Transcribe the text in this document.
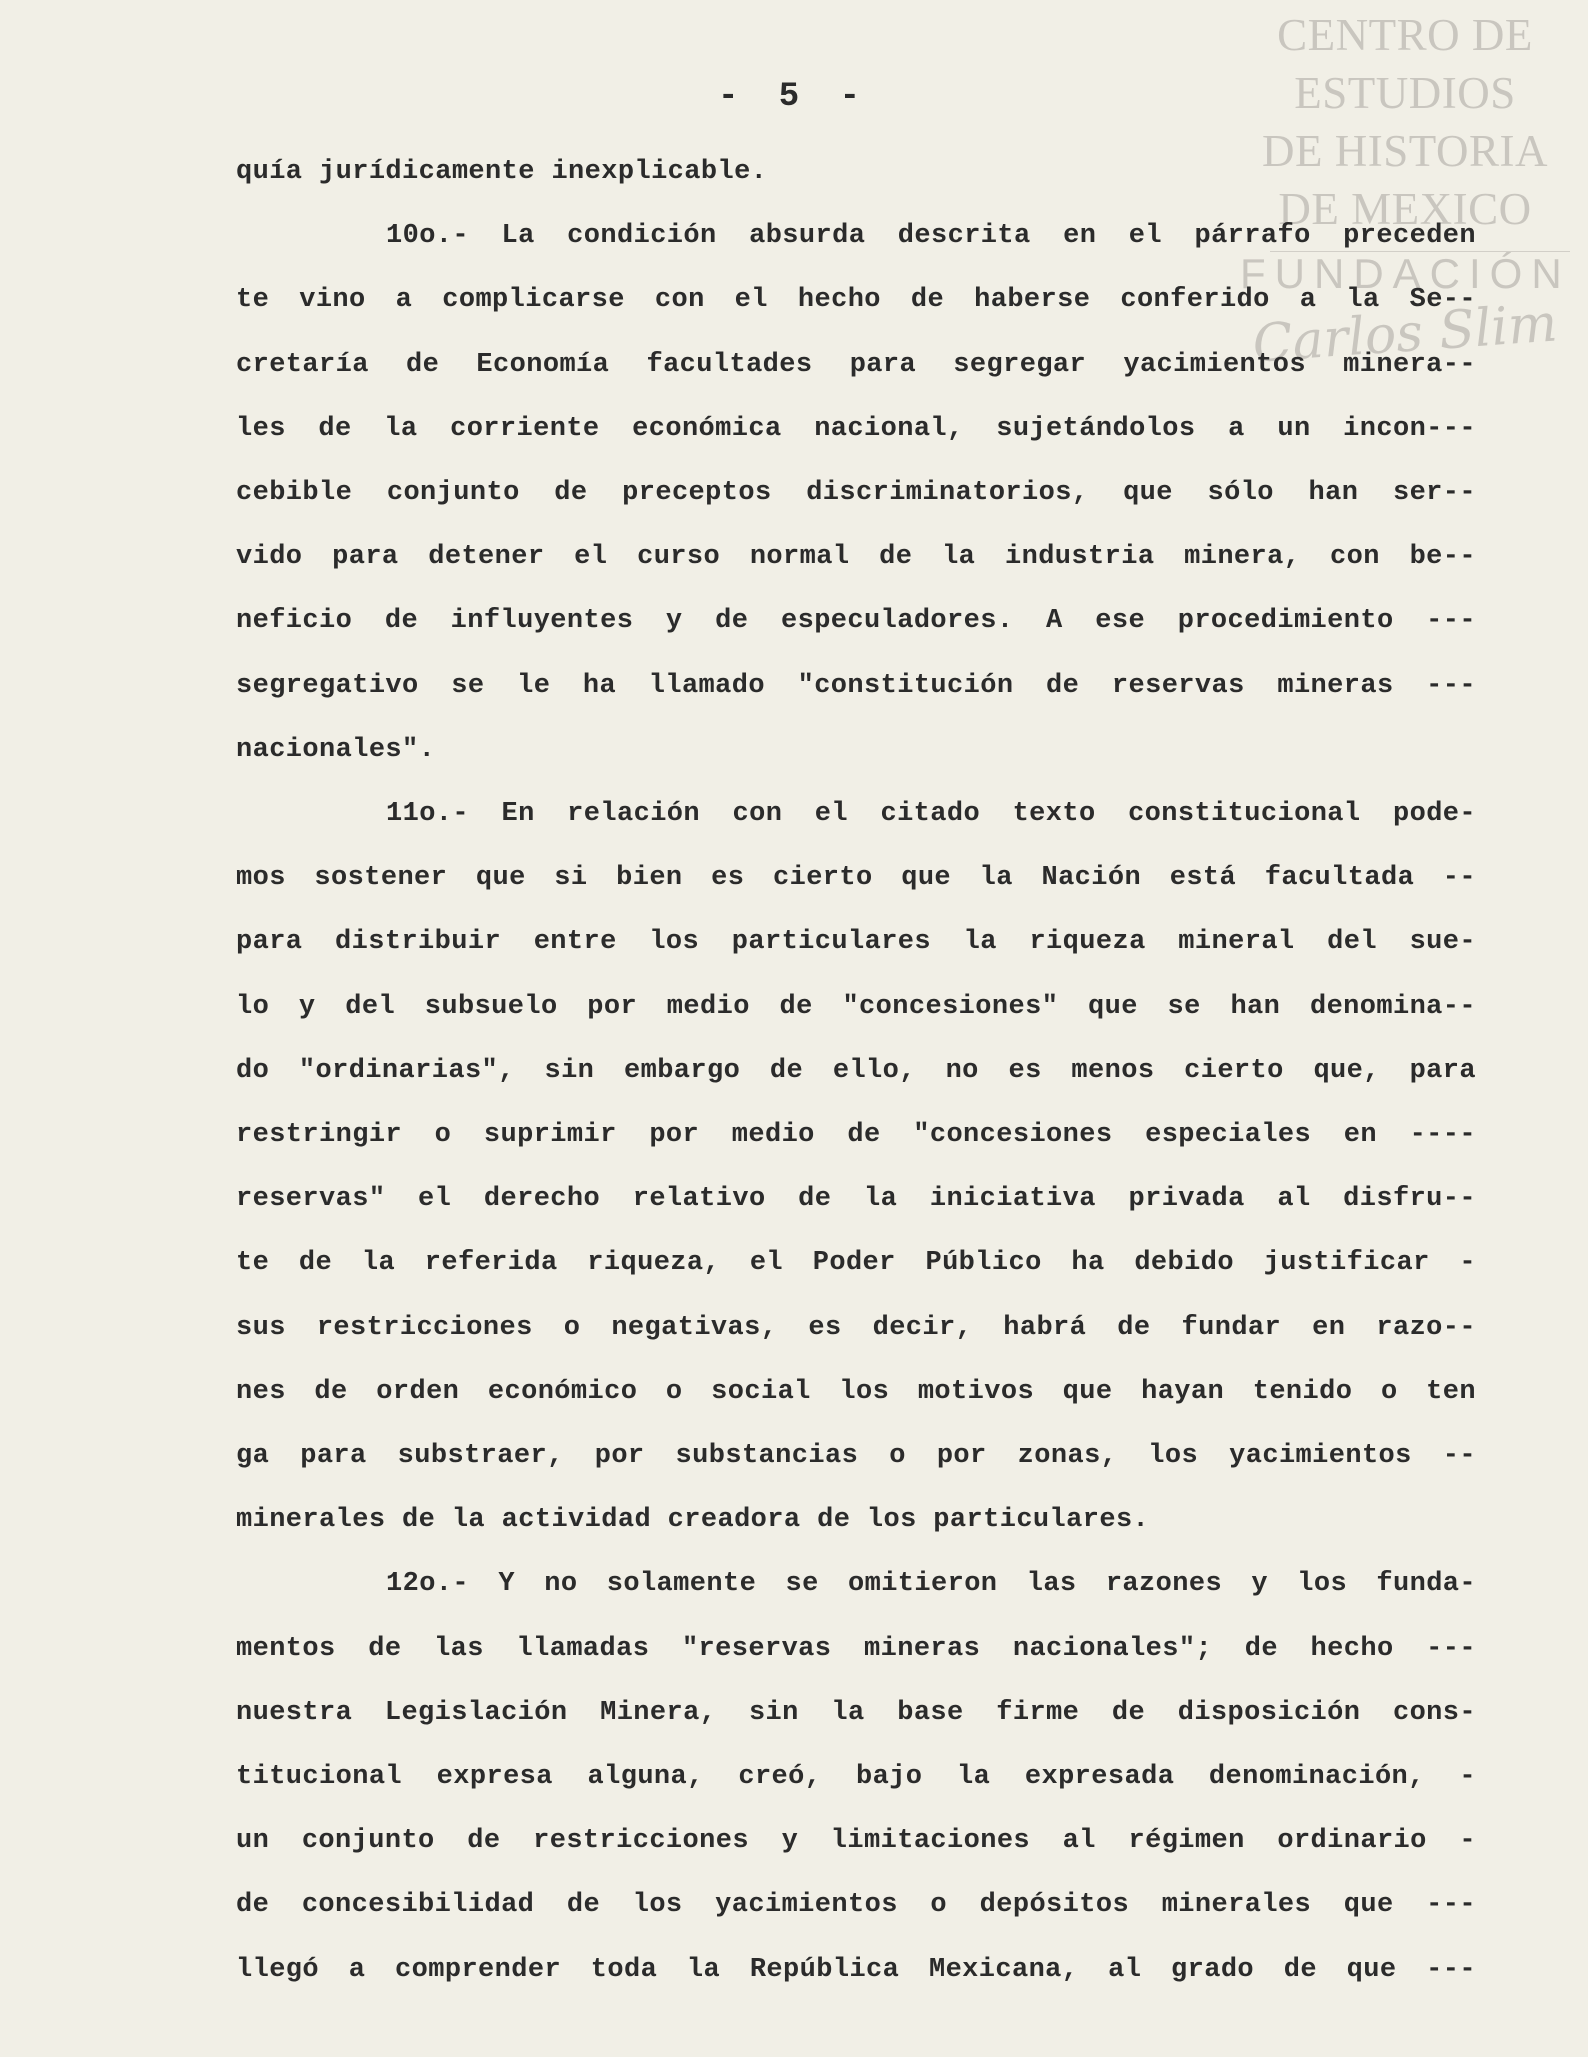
CENTRO DE
ESTUDIOS
DE HISTORIA
DE MEXICO
FUNDACIÓN
Carlos Slim
- 5 -
quía jurídicamente inexplicable.
10o.- La condición absurda descrita en el párrafo preceden
te vino a complicarse con el hecho de haberse conferido a la Se--
cretaría de Economía facultades para segregar yacimientos minera--
les de la corriente económica nacional, sujetándolos a un incon---
cebible conjunto de preceptos discriminatorios, que sólo han ser--
vido para detener el curso normal de la industria minera, con be--
neficio de influyentes y de especuladores. A ese procedimiento ---
segregativo se le ha llamado "constitución de reservas mineras ---
nacionales".
11o.- En relación con el citado texto constitucional pode-
mos sostener que si bien es cierto que la Nación está facultada --
para distribuir entre los particulares la riqueza mineral del sue-
lo y del subsuelo por medio de "concesiones" que se han denomina--
do "ordinarias", sin embargo de ello, no es menos cierto que, para
restringir o suprimir por medio de "concesiones especiales en ----
reservas" el derecho relativo de la iniciativa privada al disfru--
te de la referida riqueza, el Poder Público ha debido justificar -
sus restricciones o negativas, es decir, habrá de fundar en razo--
nes de orden económico o social los motivos que hayan tenido o ten
ga para substraer, por substancias o por zonas, los yacimientos --
minerales de la actividad creadora de los particulares.
12o.- Y no solamente se omitieron las razones y los funda-
mentos de las llamadas "reservas mineras nacionales"; de hecho ---
nuestra Legislación Minera, sin la base firme de disposición cons-
titucional expresa alguna, creó, bajo la expresada denominación, -
un conjunto de restricciones y limitaciones al régimen ordinario -
de concesibilidad de los yacimientos o depósitos minerales que ---
llegó a comprender toda la República Mexicana, al grado de que ---
